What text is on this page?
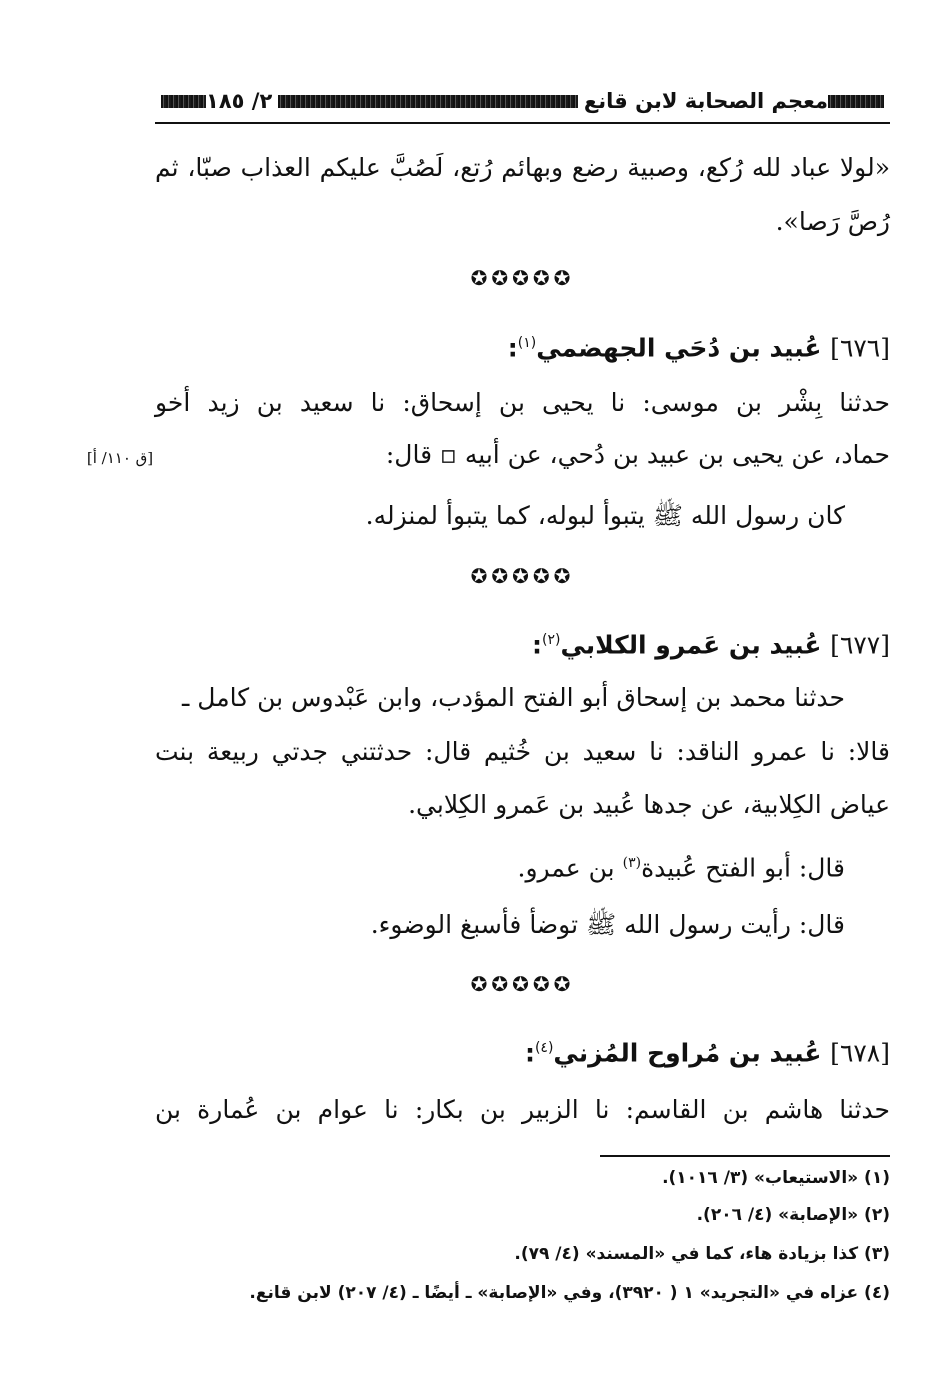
معجم الصحابة لابن قانع
٢/ ١٨٥
«لولا عباد لله رُكع، وصبية رضع وبهائم رُتع، لَصُبَّ عليكم العذاب صبّا، ثم
رُصَّ رَصا».
✪✪✪✪✪
[٦٧٦] عُبيد بن دُحَي الجهضمي$^{(١)}$:
حدثنا بِشْر بن موسى: نا يحيى بن إسحاق: نا سعيد بن زيد أخو
حماد، عن يحيى بن عبيد بن دُحي، عن أبيه ▫ قال:
[ق ١١٠/ أ]
كان رسول الله ﷺ يتبوأ لبوله، كما يتبوأ لمنزله.
✪✪✪✪✪
[٦٧٧] عُبيد بن عَمرو الكلابي$^{(٢)}$:
حدثنا محمد بن إسحاق أبو الفتح المؤدب، وابن عَبْدوس بن كامل ـ
قالا: نا عمرو الناقد: نا سعيد بن خُثيم قال: حدثتني جدتي ربيعة بنت
عياض الكِلابية، عن جدها عُبيد بن عَمرو الكِلابي.
قال: أبو الفتح عُبيدة$^{(٣)}$ بن عمرو.
قال: رأيت رسول الله ﷺ توضأ فأسبغ الوضوء.
✪✪✪✪✪
[٦٧٨] عُبيد بن مُراوح المُزني$^{(٤)}$:
حدثنا هاشم بن القاسم: نا الزبير بن بكار: نا عوام بن عُمارة بن
(١) «الاستيعاب» (٣/ ١٠١٦).
(٢) «الإصابة» (٤/ ٢٠٦).
(٣) كذا بزيادة هاء، كما في «المسند» (٤/ ٧٩).
(٤) عزاه في «التجريد» ١ ( ٣٩٢٠)، وفي «الإصابة» ـ أيضًا ـ (٤/ ٢٠٧) لابن قانع.
